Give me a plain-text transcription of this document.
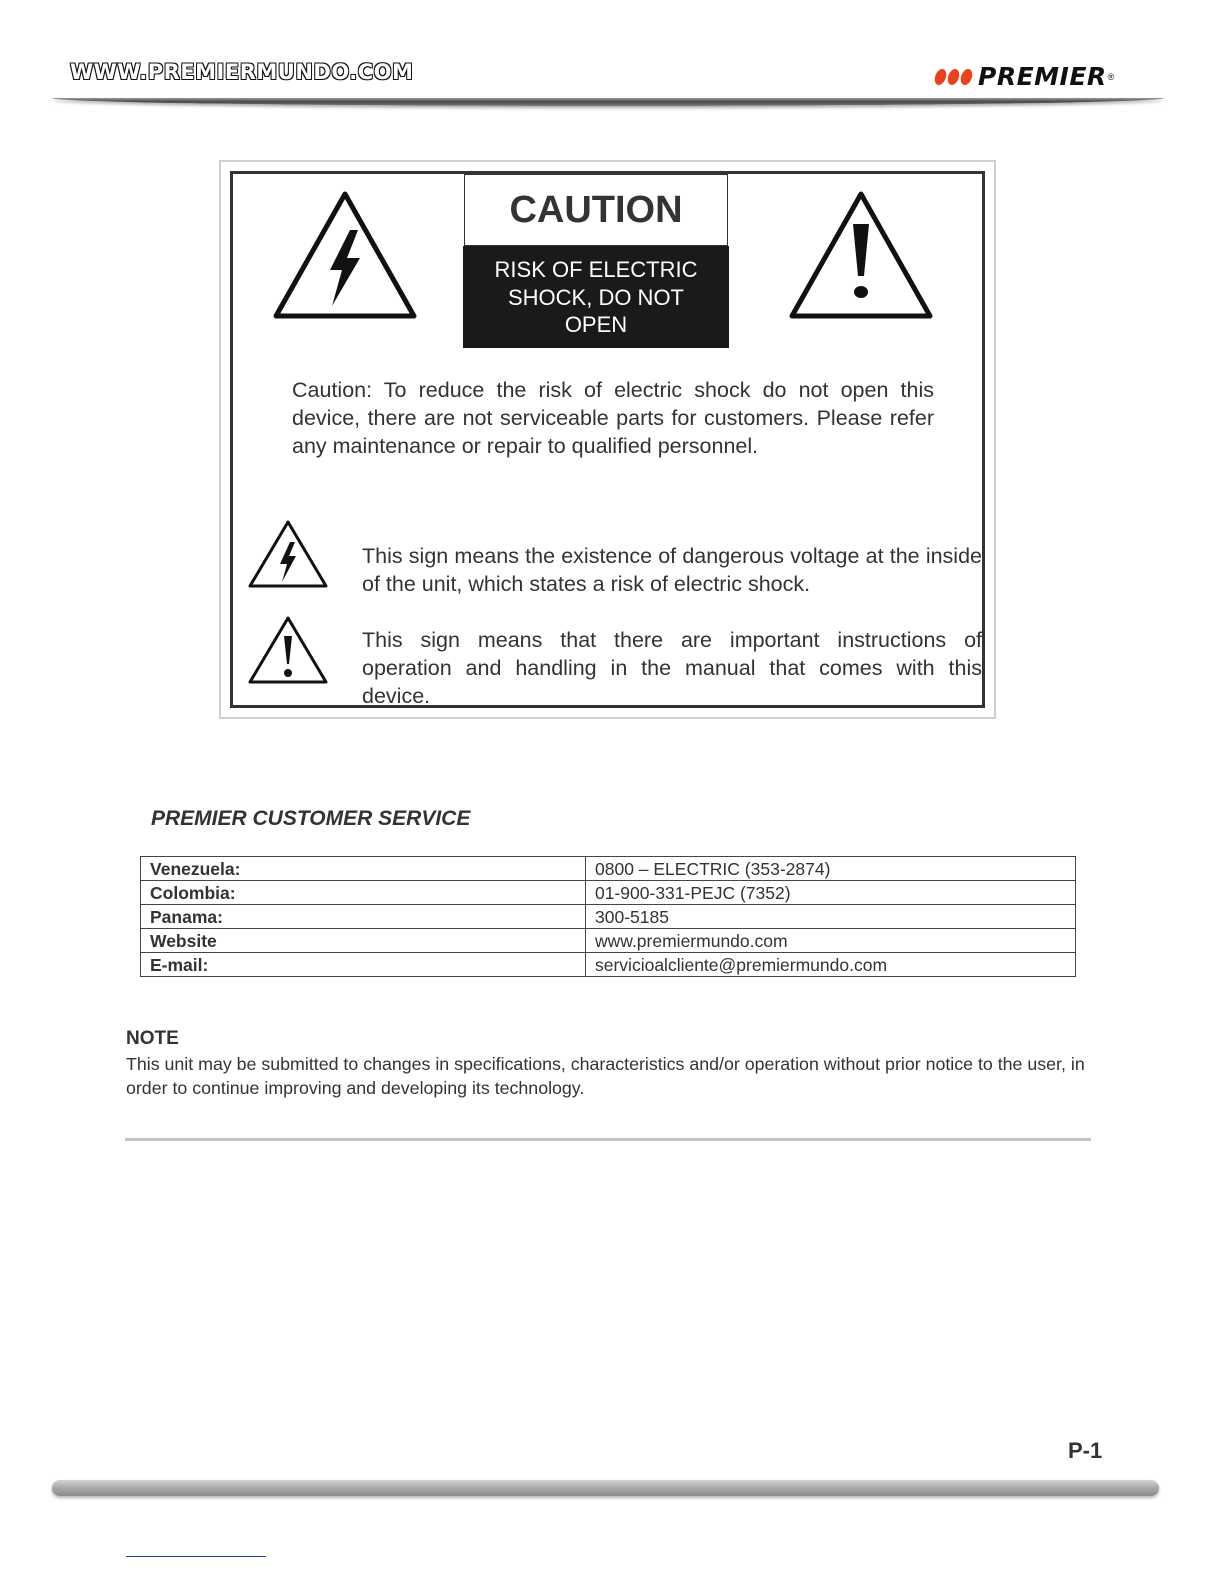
WWW.PREMIERMUNDO.COM	PREMIER ®
CAUTION
RISK OF ELECTRIC
SHOCK, DO NOT
OPEN
Caution: To reduce the risk of electric shock do not open this device, there are not serviceable parts for customers. Please refer any maintenance or repair to qualified personnel.
This sign means the existence of dangerous voltage at the inside of the unit, which states a risk of electric shock.
This sign means that there are important instructions of operation and handling in the manual that comes with this device.
PREMIER CUSTOMER SERVICE
Venezuela:	0800 – ELECTRIC (353-2874)
Colombia:	01-900-331-PEJC (7352)
Panama:	300-5185
Website	www.premiermundo.com
E-mail:	servicioalcliente@premiermundo.com
NOTE
This unit may be submitted to changes in specifications, characteristics and/or operation without prior notice to the user, in order to continue improving and developing its technology.
P-1
